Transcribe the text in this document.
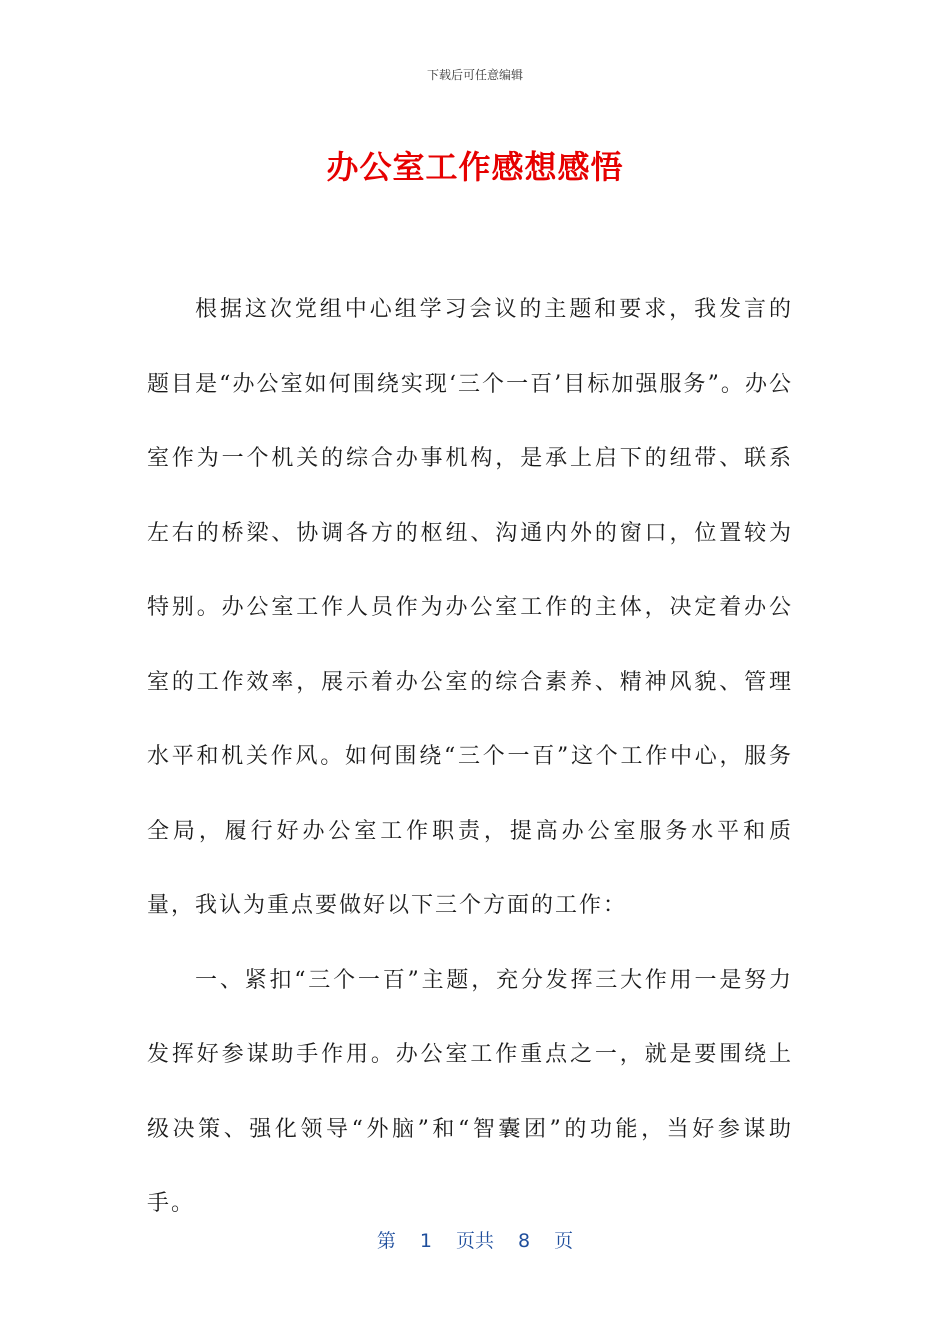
下载后可任意编辑
办公室工作感想感悟

根据这次党组中心组学习会议的主题和要求，我发言的题目是“办公室如何围绕实现‘三个一百’目标加强服务”。办公室作为一个机关的综合办事机构，是承上启下的纽带、联系左右的桥梁、协调各方的枢纽、沟通内外的窗口，位置较为特别。办公室工作人员作为办公室工作的主体，决定着办公室的工作效率，展示着办公室的综合素养、精神风貌、管理水平和机关作风。如何围绕“三个一百”这个工作中心，服务全局，履行好办公室工作职责，提高办公室服务水平和质量，我认为重点要做好以下三个方面的工作：

一、紧扣“三个一百”主题，充分发挥三大作用一是努力发挥好参谋助手作用。办公室工作重点之一，就是要围绕上级决策、强化领导“外脑”和“智囊团”的功能，当好参谋助手。

第 1 页共 8 页
